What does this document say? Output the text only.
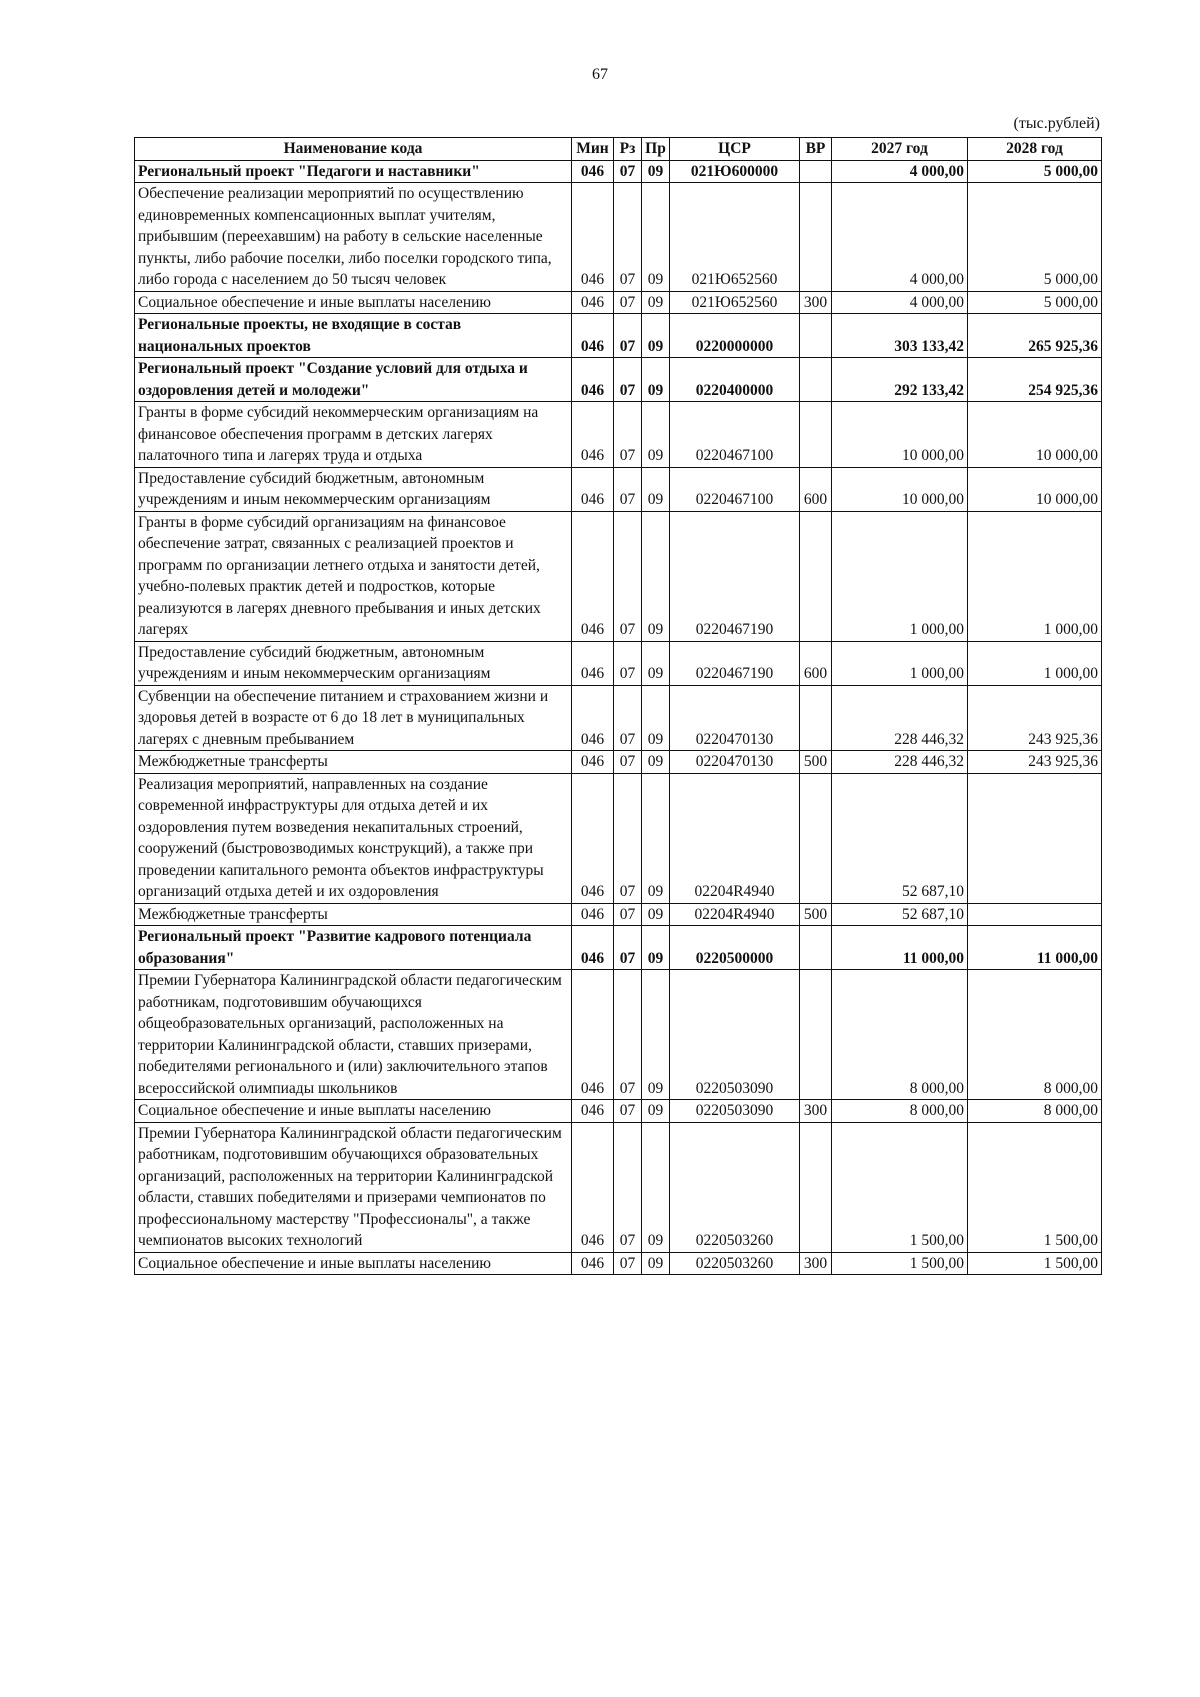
67
(тыс.рублей)
Наименование кода	Мин	Рз	Пр	ЦСР	ВР	2027 год	2028 год
Региональный проект "Педагоги и наставники"	046	07	09	021Ю600000		4 000,00	5 000,00
Обеспечение реализации мероприятий по осуществлению единовременных компенсационных выплат учителям, прибывшим (переехавшим) на работу в сельские населенные пункты, либо рабочие поселки, либо поселки городского типа, либо города с населением до 50 тысяч человек	046	07	09	021Ю652560		4 000,00	5 000,00
Социальное обеспечение и иные выплаты населению	046	07	09	021Ю652560	300	4 000,00	5 000,00
Региональные проекты, не входящие в состав национальных проектов	046	07	09	0220000000		303 133,42	265 925,36
Региональный проект "Создание условий для отдыха и оздоровления детей и молодежи"	046	07	09	0220400000		292 133,42	254 925,36
Гранты в форме субсидий некоммерческим организациям на финансовое обеспечения программ в детских лагерях палаточного типа и лагерях труда и отдыха	046	07	09	0220467100		10 000,00	10 000,00
Предоставление субсидий бюджетным, автономным учреждениям и иным некоммерческим организациям	046	07	09	0220467100	600	10 000,00	10 000,00
Гранты в форме субсидий организациям на финансовое обеспечение затрат, связанных с реализацией проектов и программ по организации летнего отдыха и занятости детей, учебно-полевых практик детей и подростков, которые реализуются в лагерях дневного пребывания и иных детских лагерях	046	07	09	0220467190		1 000,00	1 000,00
Предоставление субсидий бюджетным, автономным учреждениям и иным некоммерческим организациям	046	07	09	0220467190	600	1 000,00	1 000,00
Субвенции на обеспечение питанием и страхованием жизни и здоровья детей в возрасте от 6 до 18 лет в муниципальных лагерях с дневным пребыванием	046	07	09	0220470130		228 446,32	243 925,36
Межбюджетные трансферты	046	07	09	0220470130	500	228 446,32	243 925,36
Реализация мероприятий, направленных на создание современной инфраструктуры для отдыха детей и их оздоровления путем возведения некапитальных строений, сооружений (быстровозводимых конструкций), а также при проведении капитального ремонта объектов инфраструктуры организаций отдыха детей и их оздоровления	046	07	09	02204R4940		52 687,10	
Межбюджетные трансферты	046	07	09	02204R4940	500	52 687,10	
Региональный проект "Развитие кадрового потенциала образования"	046	07	09	0220500000		11 000,00	11 000,00
Премии Губернатора Калининградской области педагогическим работникам, подготовившим обучающихся общеобразовательных организаций, расположенных на территории Калининградской области, ставших призерами, победителями регионального и (или) заключительного этапов всероссийской олимпиады школьников	046	07	09	0220503090		8 000,00	8 000,00
Социальное обеспечение и иные выплаты населению	046	07	09	0220503090	300	8 000,00	8 000,00
Премии Губернатора Калининградской области педагогическим работникам, подготовившим обучающихся образовательных организаций, расположенных на территории Калининградской области, ставших победителями и призерами чемпионатов по профессиональному мастерству "Профессионалы", а также чемпионатов высоких технологий	046	07	09	0220503260		1 500,00	1 500,00
Социальное обеспечение и иные выплаты населению	046	07	09	0220503260	300	1 500,00	1 500,00
